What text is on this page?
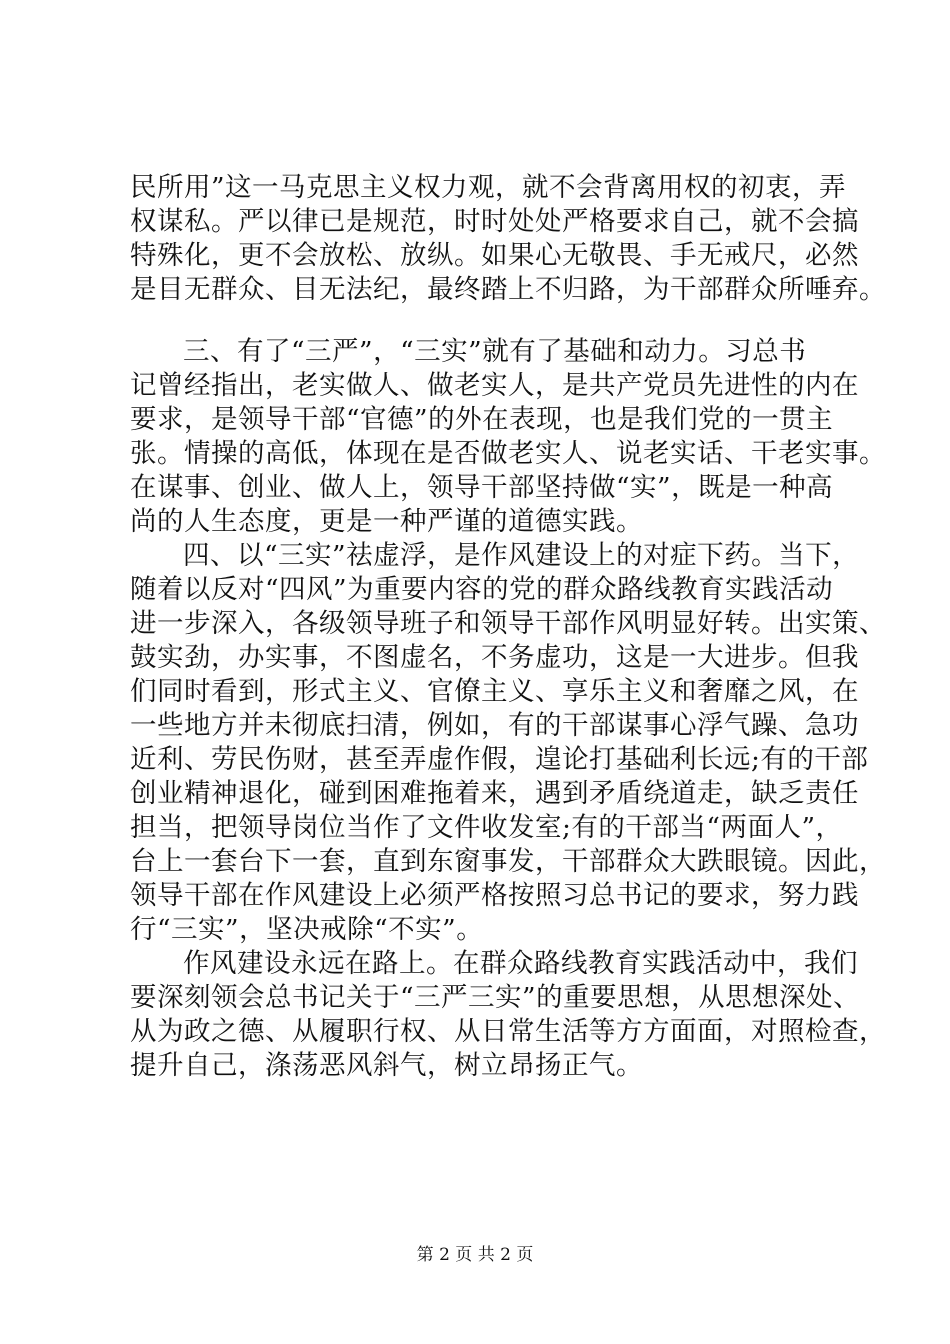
民所用”这一马克思主义权力观，就不会背离用权的初衷，弄
权谋私。严以律已是规范，时时处处严格要求自己，就不会搞
特殊化，更不会放松、放纵。如果心无敬畏、手无戒尺，必然
是目无群众、目无法纪，最终踏上不归路，为干部群众所唾弃。
三、有了“三严”，“三实”就有了基础和动力。习总书
记曾经指出，老实做人、做老实人，是共产党员先进性的内在
要求，是领导干部“官德”的外在表现，也是我们党的一贯主
张。情操的高低，体现在是否做老实人、说老实话、干老实事。
在谋事、创业、做人上，领导干部坚持做“实”，既是一种高
尚的人生态度，更是一种严谨的道德实践。
四、以“三实”祛虚浮，是作风建设上的对症下药。当下，
随着以反对“四风”为重要内容的党的群众路线教育实践活动
进一步深入，各级领导班子和领导干部作风明显好转。出实策、
鼓实劲，办实事，不图虚名，不务虚功，这是一大进步。但我
们同时看到，形式主义、官僚主义、享乐主义和奢靡之风，在
一些地方并未彻底扫清，例如，有的干部谋事心浮气躁、急功
近利、劳民伤财，甚至弄虚作假，遑论打基础利长远;有的干部
创业精神退化，碰到困难拖着来，遇到矛盾绕道走，缺乏责任
担当，把领导岗位当作了文件收发室;有的干部当“两面人”，
台上一套台下一套，直到东窗事发，干部群众大跌眼镜。因此，
领导干部在作风建设上必须严格按照习总书记的要求，努力践
行“三实”，坚决戒除“不实”。
作风建设永远在路上。在群众路线教育实践活动中，我们
要深刻领会总书记关于“三严三实”的重要思想，从思想深处、
从为政之德、从履职行权、从日常生活等方方面面，对照检查，
提升自己，涤荡恶风斜气，树立昂扬正气。
第 2 页 共 2 页
